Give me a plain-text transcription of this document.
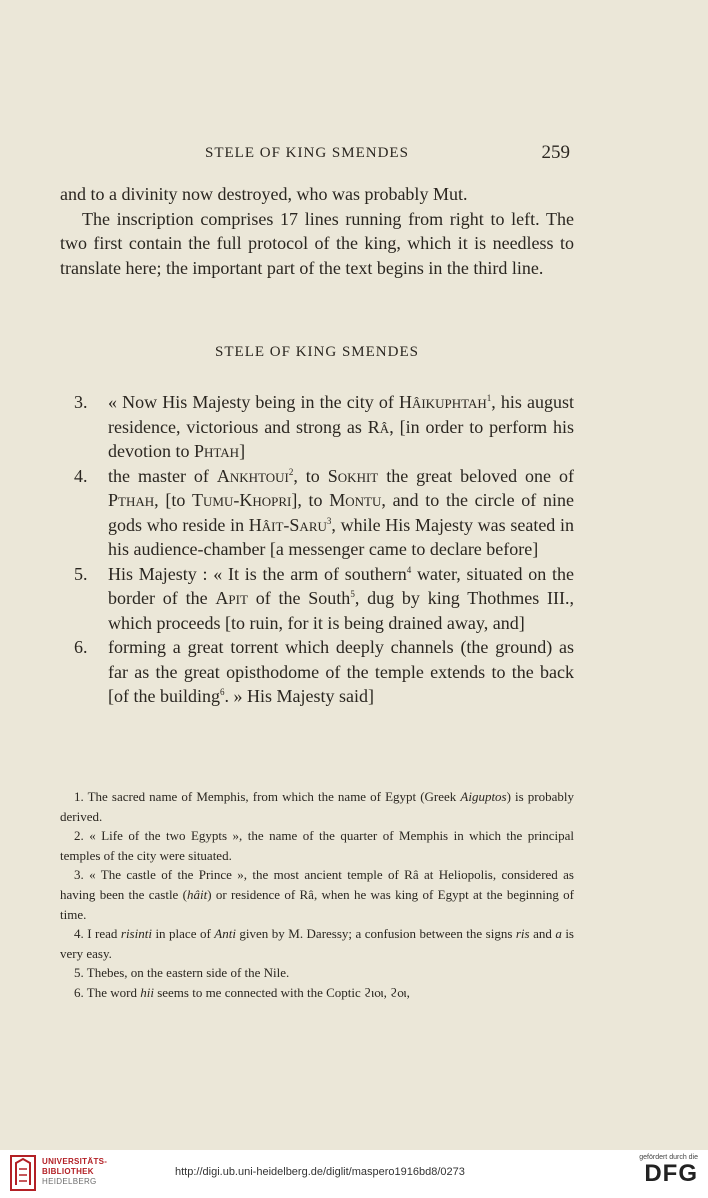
STELE OF KING SMENDES	259

and to a divinity now destroyed, who was probably Mut.

The inscription comprises 17 lines running from right to left. The two first contain the full protocol of the king, which it is needless to translate here; the important part of the text begins in the third line.

STELE OF KING SMENDES
3. « Now His Majesty being in the city of Hâikuphtah$^1$, his august residence, victorious and strong as Râ, [in order to perform his devotion to Phtah]
4. the master of Ankhtoui$^2$, to Sokhit the great beloved one of Pthah, [to Tumu-Khopri], to Montu, and to the circle of nine gods who reside in Hâit-Saru$^3$, while His Majesty was seated in his audience-chamber [a messenger came to declare before]
5. His Majesty : « It is the arm of southern$^4$ water, situated on the border of the Apit of the South$^5$, dug by king Thothmes III., which proceeds [to ruin, for it is being drained away, and]
6. forming a great torrent which deeply channels (the ground) as far as the great opisthodome of the temple extends to the back [of the building$^6$. » His Majesty said]

1. The sacred name of Memphis, from which the name of Egypt (Greek Aiguptos) is probably derived.

2. « Life of the two Egypts », the name of the quarter of Memphis in which the principal temples of the city were situated.

3. « The castle of the Prince », the most ancient temple of Râ at Heliopolis, considered as having been the castle (hâit) or residence of Râ, when he was king of Egypt at the beginning of time.

4. I read risinti in place of Anti given by M. Daressy; a confusion between the signs ris and a is very easy.

5. Thebes, on the eastern side of the Nile.

6. The word hii seems to me connected with the Coptic ϩⲓⲟⲓ, ϩⲟⲓ,

UNIVERSITÄTS-
BIBLIOTHEK
HEIDELBERG
http://digi.ub.uni-heidelberg.de/diglit/maspero1916bd8/0273
gefördert durch die
DFG
